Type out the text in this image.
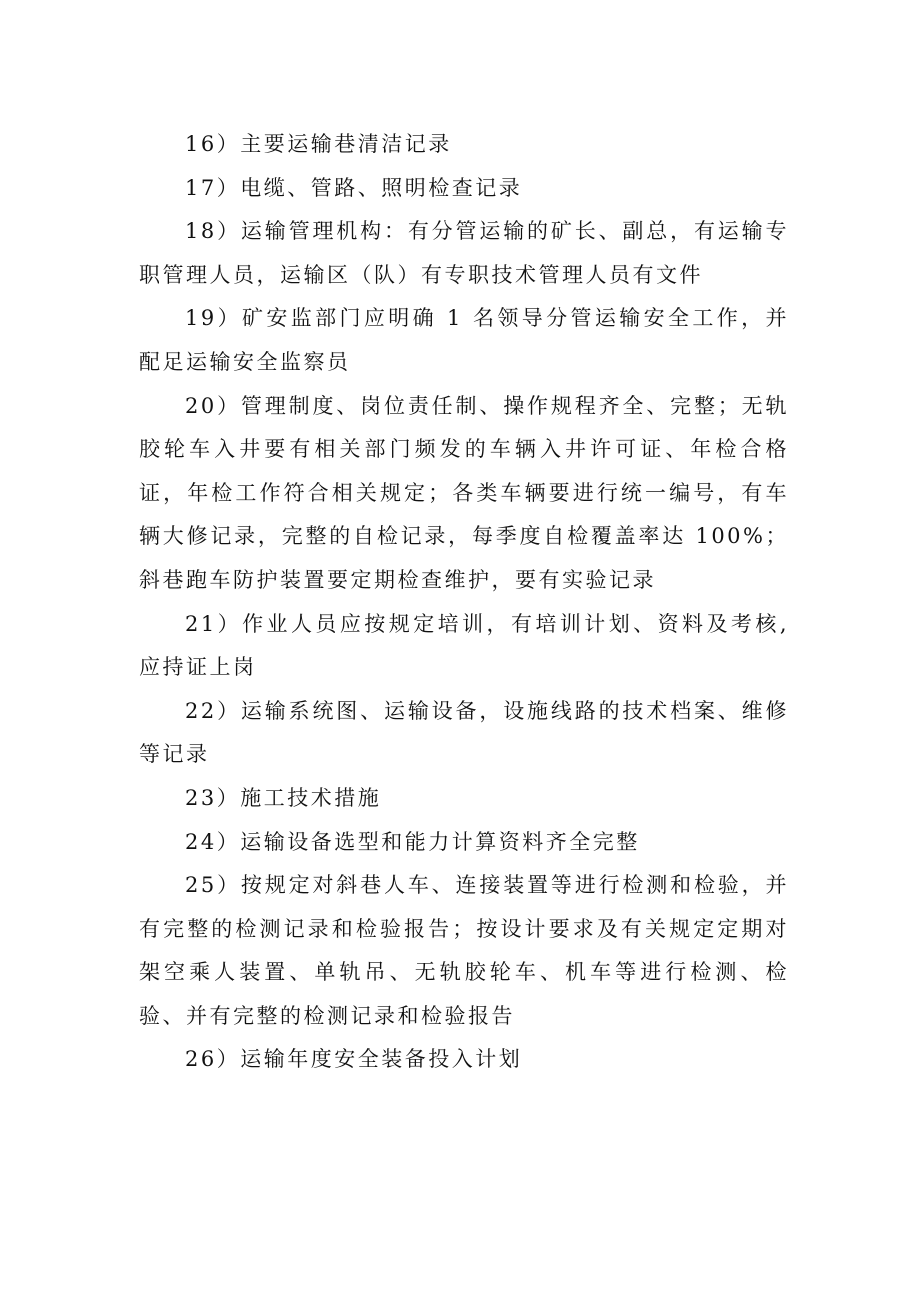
16）主要运输巷清洁记录

17）电缆、管路、照明检查记录

18）运输管理机构：有分管运输的矿长、副总，有运输专职管理人员，运输区（队）有专职技术管理人员有文件

19）矿安监部门应明确 1 名领导分管运输安全工作，并配足运输安全监察员

20）管理制度、岗位责任制、操作规程齐全、完整；无轨胶轮车入井要有相关部门频发的车辆入井许可证、年检合格证，年检工作符合相关规定；各类车辆要进行统一编号，有车辆大修记录，完整的自检记录，每季度自检覆盖率达 100%；斜巷跑车防护装置要定期检查维护，要有实验记录

21）作业人员应按规定培训，有培训计划、资料及考核,应持证上岗

22）运输系统图、运输设备，设施线路的技术档案、维修等记录

23）施工技术措施

24）运输设备选型和能力计算资料齐全完整

25）按规定对斜巷人车、连接装置等进行检测和检验，并有完整的检测记录和检验报告；按设计要求及有关规定定期对架空乘人装置、单轨吊、无轨胶轮车、机车等进行检测、检验、并有完整的检测记录和检验报告

26）运输年度安全装备投入计划
